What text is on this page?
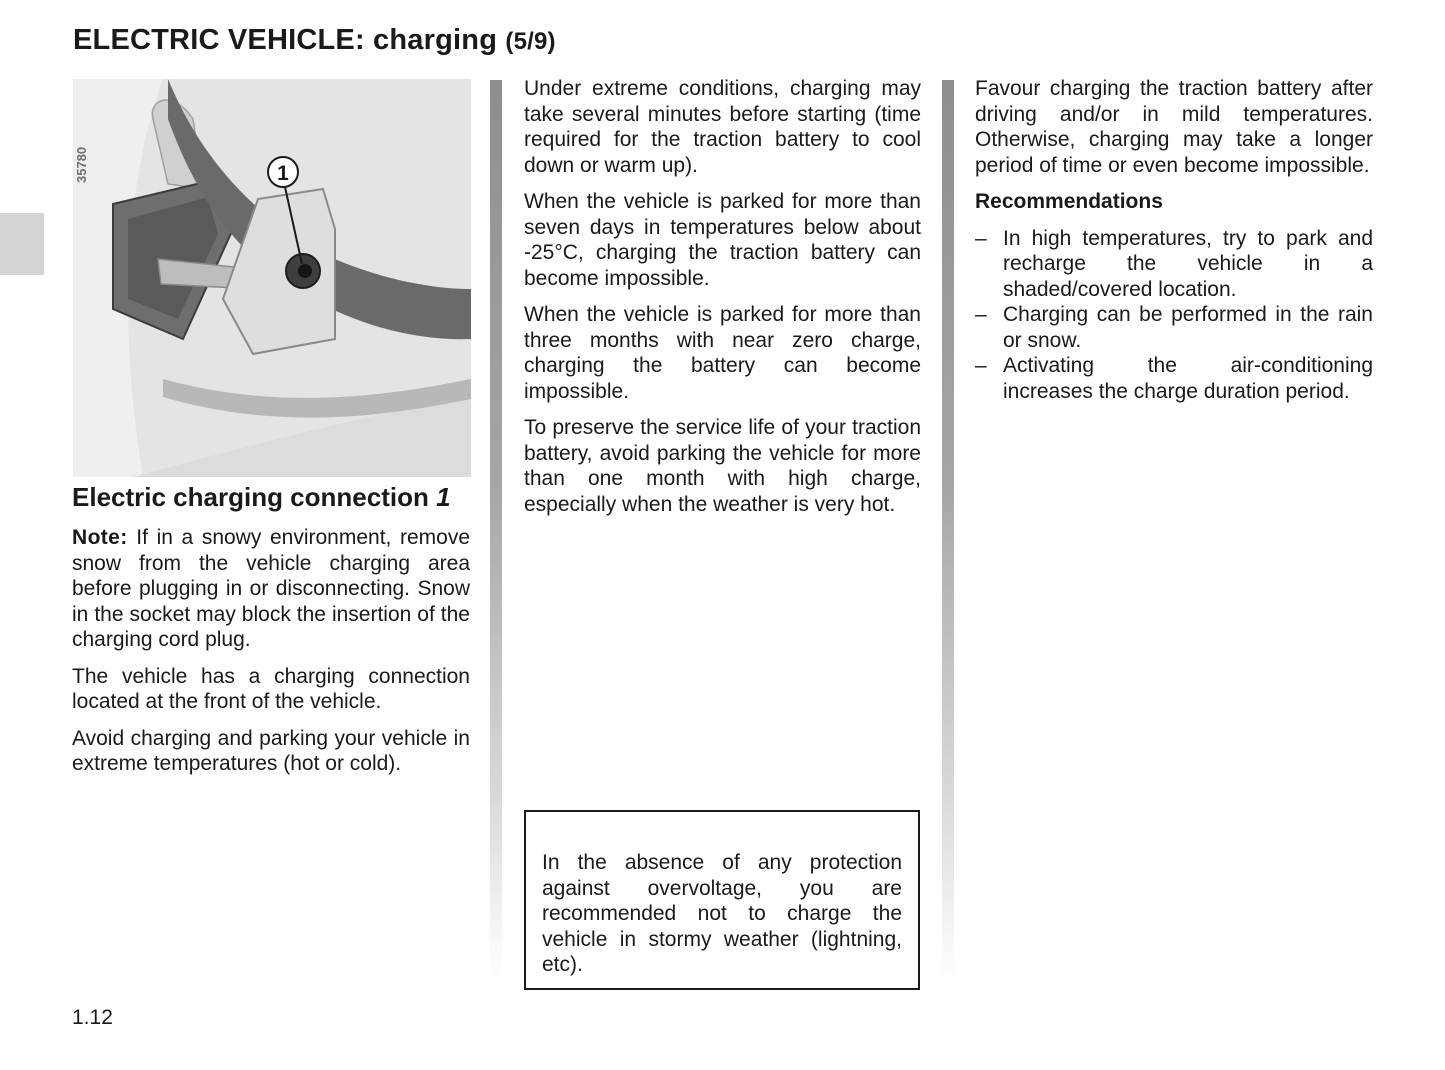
ELECTRIC VEHICLE: charging (5/9)
1
35780
Electric charging connection 1

Note: If in a snowy environment, remove snow from the vehicle charging area before plugging in or disconnecting. Snow in the socket may block the insertion of the charging cord plug.

The vehicle has a charging connection located at the front of the vehicle.

Avoid charging and parking your vehicle in extreme temperatures (hot or cold).

Under extreme conditions, charging may take several minutes before starting (time required for the traction battery to cool down or warm up).

When the vehicle is parked for more than seven days in temperatures below about -25°C, charging the traction battery can become impossible.

When the vehicle is parked for more than three months with near zero charge, charging the battery can become impossible.

To preserve the service life of your traction battery, avoid parking the vehicle for more than one month with high charge, especially when the weather is very hot.

In the absence of any protection against overvoltage, you are recommended not to charge the vehicle in stormy weather (lightning, etc).

Favour charging the traction battery after driving and/or in mild temperatures. Otherwise, charging may take a longer period of time or even become impossible.

Recommendations

– In high temperatures, try to park and recharge the vehicle in a shaded/covered location.
– Charging can be performed in the rain or snow.
– Activating the air-conditioning increases the charge duration period.
1.12
